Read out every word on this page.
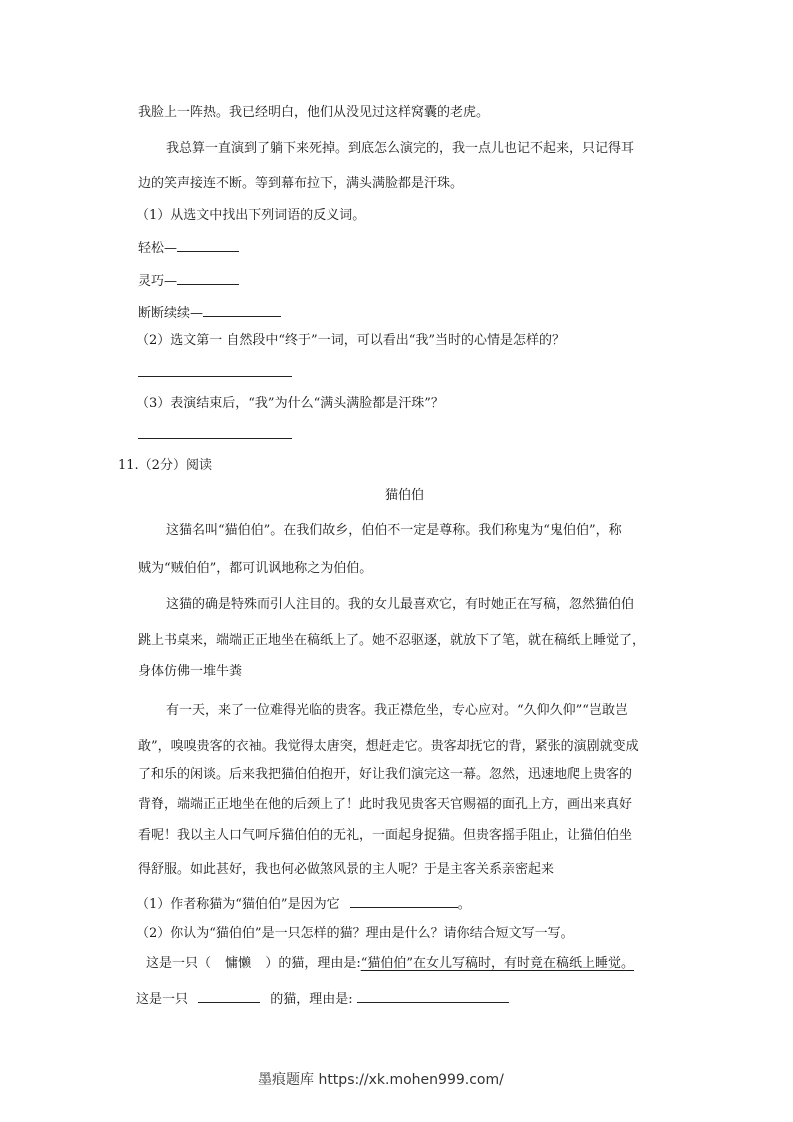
我脸上一阵热。我已经明白，他们从没见过这样窝囊的老虎。
我总算一直演到了躺下来死掉。到底怎么演完的，我一点儿也记不起来，只记得耳
边的笑声接连不断。等到幕布拉下，满头满脸都是汗珠。
（1）从选文中找出下列词语的反义词。
轻松—
灵巧—
断断续续—
（2）选文第一 自然段中“终于”一词，可以看出“我”当时的心情是怎样的？
（3）表演结束后，“我”为什么“满头满脸都是汗珠”？
11.（2分）阅读
猫伯伯
这猫名叫“猫伯伯”。在我们故乡，伯伯不一定是尊称。我们称鬼为“鬼伯伯”，称
贼为“贼伯伯”，都可讥讽地称之为伯伯。
这猫的确是特殊而引人注目的。我的女儿最喜欢它，有时她正在写稿，忽然猫伯伯
跳上书桌来，端端正正地坐在稿纸上了。她不忍驱逐，就放下了笔，就在稿纸上睡觉了，
身体仿佛一堆牛粪
有一天，来了一位难得光临的贵客。我正襟危坐，专心应对。“久仰久仰”“岂敢岂
敢”，嗅嗅贵客的衣袖。我觉得太唐突，想赶走它。贵客却抚它的背，紧张的演剧就变成
了和乐的闲谈。后来我把猫伯伯抱开，好让我们演完这一幕。忽然，迅速地爬上贵客的
背脊，端端正正地坐在他的后颈上了！此时我见贵客天官赐福的面孔上方，画出来真好
看呢！我以主人口气呵斥猫伯伯的无礼，一面起身捉猫。但贵客摇手阻止，让猫伯伯坐
得舒服。如此甚好，我也何必做煞风景的主人呢？于是主客关系亲密起来
（1）作者称猫为“猫伯伯”是因为它	。
（2）你认为“猫伯伯”是一只怎样的猫？理由是什么？请你结合短文写一写。
这是一只（ 慵懒 ）的猫，理由是:“猫伯伯”在女儿写稿时，有时竟在稿纸上睡觉。
这是一只	的猫，理由是:
墨痕题库 https://xk.mohen999.com/
